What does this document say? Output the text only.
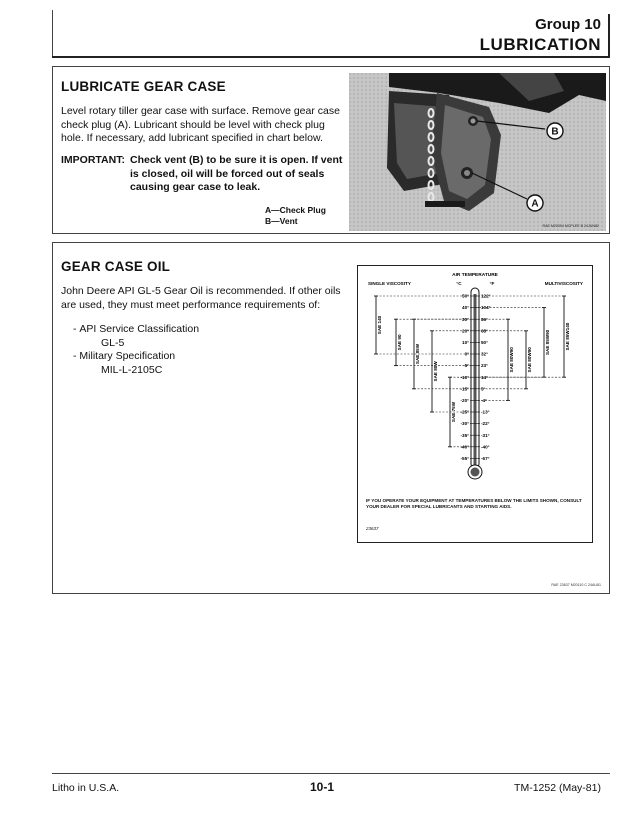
Group 10
LUBRICATION
LUBRICATE GEAR CASE
Level rotary tiller gear case with surface. Remove gear case
check plug (A). Lubricant should be level with check plug
hole. If necessary, add lubricant specified in chart below.
IMPORTANT: Check vent (B) to be sure it is open. If vent
is closed, oil will be forced out of seals
causing gear case to leak.
A—Check Plug
B—Vent
B
A
RAE M20094 MCPLEE B 24JUN82
GEAR CASE OIL
John Deere API GL-5 Gear Oil is recommended. If other oils
are used, they must meet performance requirements of:
- API Service Classification
GL-5
- Military Specification
MIL-L-2105C
AIR TEMPERATURE
SINGLE VISCOSITY	MULTIVISCOSITY
°C	°F
50°	122°
40°	104°
30°	86°
20°	68°
10°	50°
0°	32°
-5°	23°
-10°	14°
-15°	5°
-20°	-4°
-25°	-13°
-30°	-22°
-35°	-31°
-40°	-40°
-55°	-67°
SAE 140
SAE 90
SAE 85W
SAE 80W
SAE 75W
SAE 80W90	SAE 80W90
SAE 85W90	SAE 85W140
IF YOU OPERATE YOUR EQUIPMENT AT TEMPERATURES BELOW THE LIMITS SHOWN, CONSULT YOUR DEALER FOR SPECIAL LUBRICANTS AND STARTING AIDS.
23637
RAE 23637 M20110 C 24AU81
Litho in U.S.A.	10-1	TM-1252 (May-81)
